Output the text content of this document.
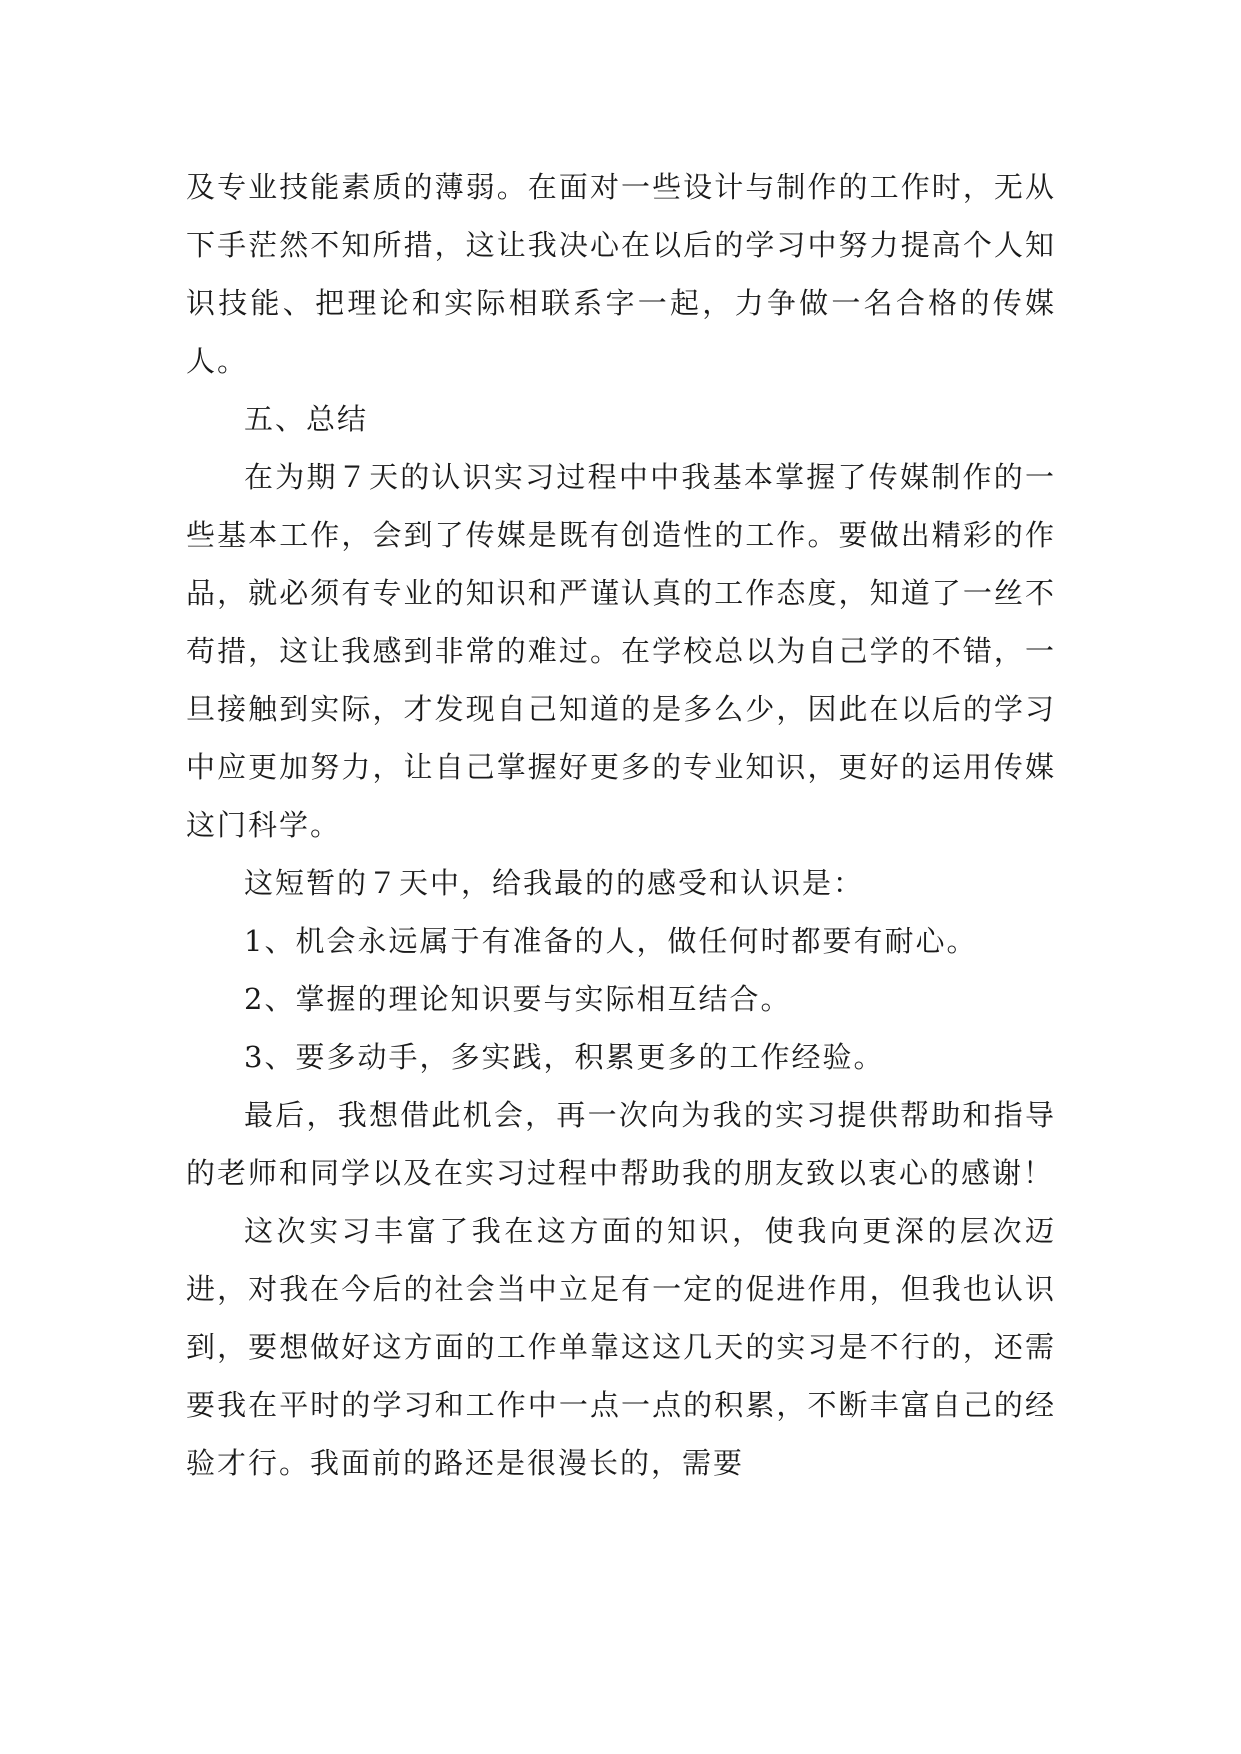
及专业技能素质的薄弱。在面对一些设计与制作的工作时，无从下手茫然不知所措，这让我决心在以后的学习中努力提高个人知识技能、把理论和实际相联系字一起，力争做一名合格的传媒人。

五、总结

在为期７天的认识实习过程中中我基本掌握了传媒制作的一些基本工作，会到了传媒是既有创造性的工作。要做出精彩的作品，就必须有专业的知识和严谨认真的工作态度，知道了一丝不苟措，这让我感到非常的难过。在学校总以为自己学的不错，一旦接触到实际，才发现自己知道的是多么少，因此在以后的学习中应更加努力，让自己掌握好更多的专业知识，更好的运用传媒这门科学。

这短暂的７天中，给我最的的感受和认识是：

1、机会永远属于有准备的人，做任何时都要有耐心。

2、掌握的理论知识要与实际相互结合。

3、要多动手，多实践，积累更多的工作经验。

最后，我想借此机会，再一次向为我的实习提供帮助和指导的老师和同学以及在实习过程中帮助我的朋友致以衷心的感谢！

这次实习丰富了我在这方面的知识，使我向更深的层次迈进，对我在今后的社会当中立足有一定的促进作用，但我也认识到，要想做好这方面的工作单靠这这几天的实习是不行的，还需要我在平时的学习和工作中一点一点的积累，不断丰富自己的经验才行。我面前的路还是很漫长的，需要
